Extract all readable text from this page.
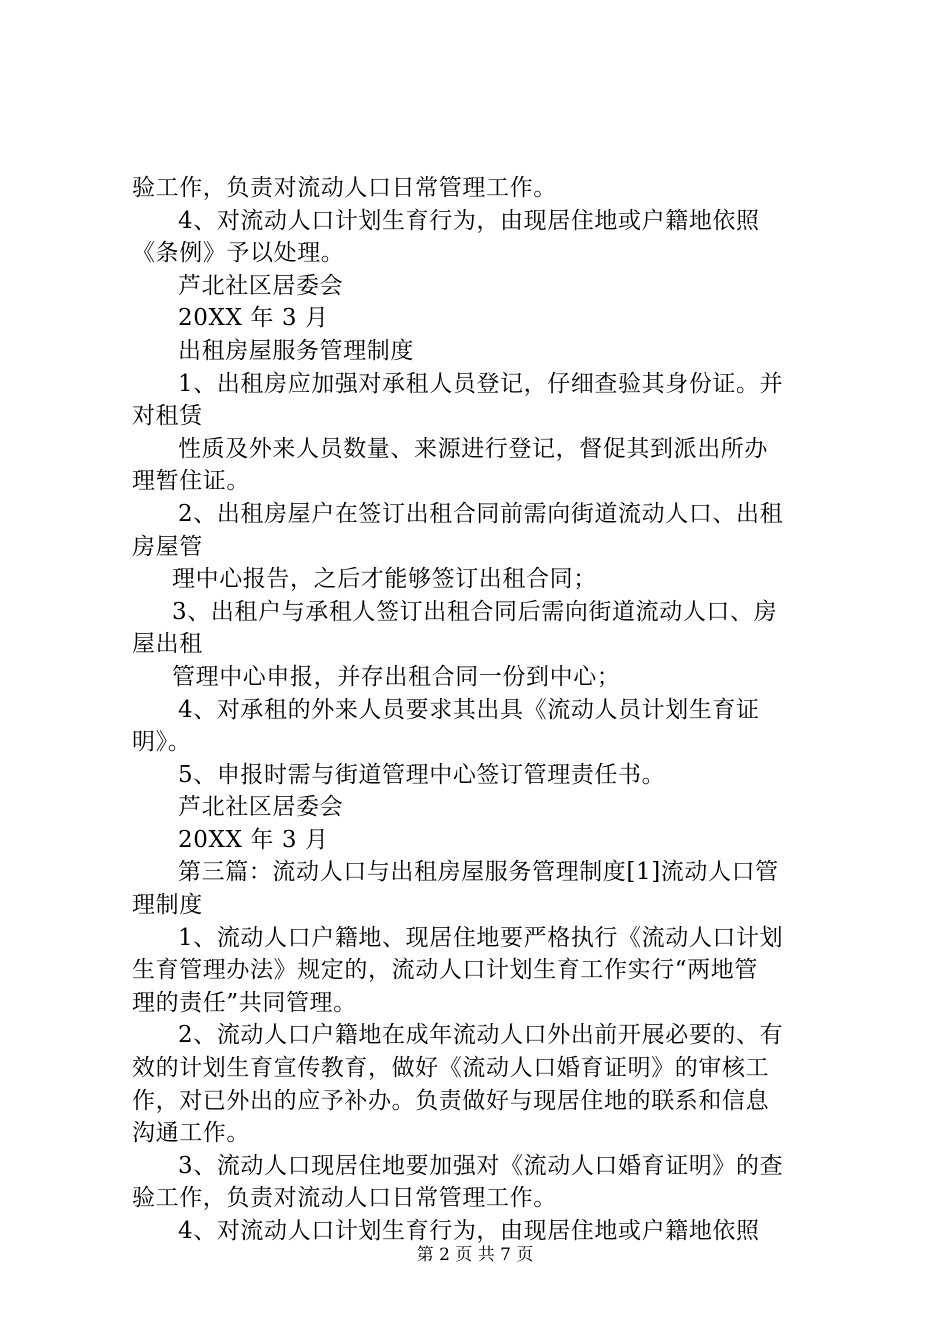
验工作，负责对流动人口日常管理工作。
4、对流动人口计划生育行为，由现居住地或户籍地依照
《条例》予以处理。
芦北社区居委会
20XX 年 3 月
出租房屋服务管理制度
1、出租房应加强对承租人员登记，仔细查验其身份证。并
对租赁
性质及外来人员数量、来源进行登记，督促其到派出所办
理暂住证。
2、出租房屋户在签订出租合同前需向街道流动人口、出租
房屋管
理中心报告，之后才能够签订出租合同；
3、出租户与承租人签订出租合同后需向街道流动人口、房
屋出租
管理中心申报，并存出租合同一份到中心；
4、对承租的外来人员要求其出具《流动人员计划生育证
明》。
5、申报时需与街道管理中心签订管理责任书。
芦北社区居委会
20XX 年 3 月
第三篇：流动人口与出租房屋服务管理制度[1]流动人口管
理制度
1、流动人口户籍地、现居住地要严格执行《流动人口计划
生育管理办法》规定的，流动人口计划生育工作实行“两地管
理的责任”共同管理。
2、流动人口户籍地在成年流动人口外出前开展必要的、有
效的计划生育宣传教育，做好《流动人口婚育证明》的审核工
作，对已外出的应予补办。负责做好与现居住地的联系和信息
沟通工作。
3、流动人口现居住地要加强对《流动人口婚育证明》的查
验工作，负责对流动人口日常管理工作。
4、对流动人口计划生育行为，由现居住地或户籍地依照
第 2 页 共 7 页
